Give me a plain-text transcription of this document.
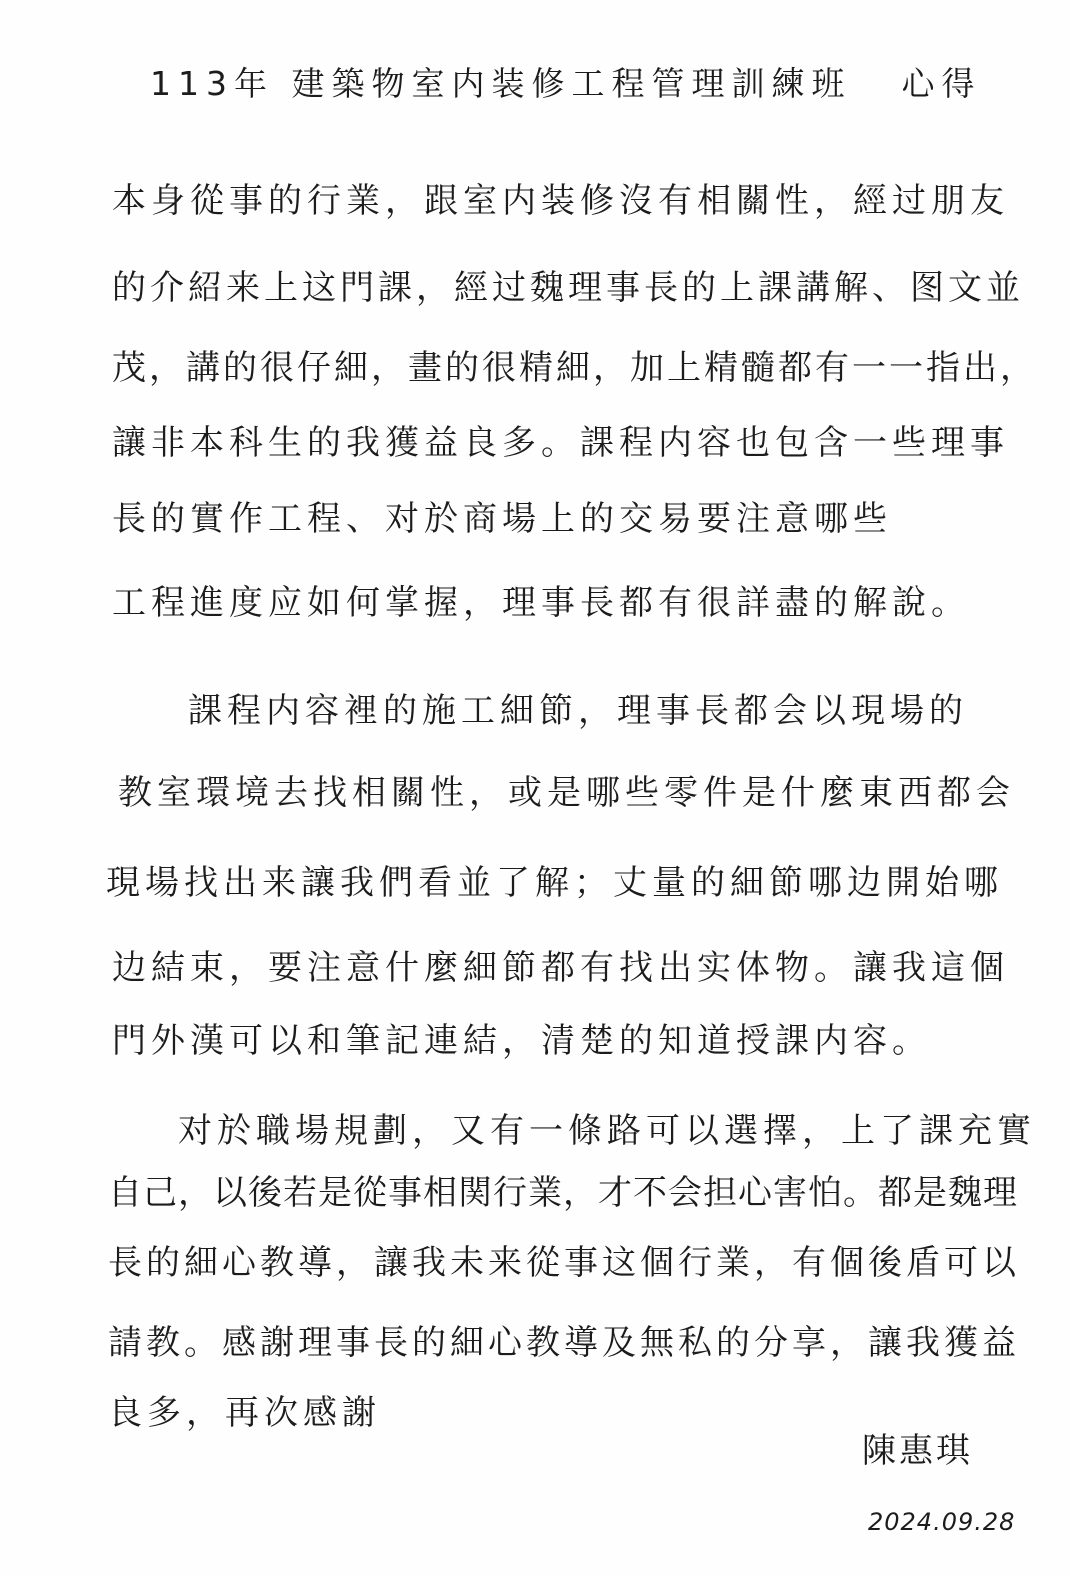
113年 建築物室内装修工程管理訓練班 心得
本身從事的行業，跟室内装修沒有相關性，經过朋友
的介紹来上这門課，經过魏理事長的上課講解、图文並
茂，講的很仔細，畫的很精細，加上精髓都有一一指出，
讓非本科生的我獲益良多。課程内容也包含一些理事
長的實作工程、对於商場上的交易要注意哪些
工程進度应如何掌握，理事長都有很詳盡的解說。
課程内容裡的施工細節，理事長都会以現場的
教室環境去找相關性，或是哪些零件是什麼東西都会
現場找出来讓我們看並了解；丈量的細節哪边開始哪
边結束，要注意什麼細節都有找出实体物。讓我這個
門外漢可以和筆記連結，清楚的知道授課内容。
对於職場規劃，又有一條路可以選擇，上了課充實
自己，以後若是從事相関行業，才不会担心害怕。都是魏理
長的細心教導，讓我未来從事这個行業，有個後盾可以
請教。感謝理事長的細心教導及無私的分享，讓我獲益
良多，再次感謝
陳惠琪
2024.09.28
